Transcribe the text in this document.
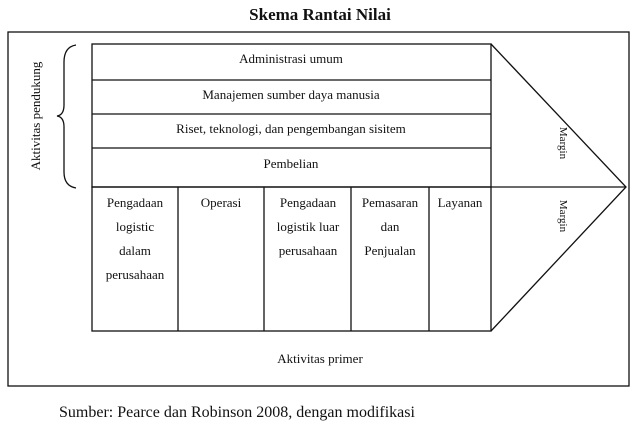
Skema Rantai Nilai
Aktivitas pendukung
Administrasi umum
Manajemen sumber daya manusia
Riset, teknologi, dan pengembangan sisitem
Pembelian
Pengadaan
logistic
dalam
perusahaan
Operasi	Pengadaan
logistik luar
perusahaan
Pemasaran
dan
Penjualan
Layanan
Margin
Margin
Aktivitas primer
Sumber: Pearce dan Robinson 2008, dengan modifikasi
